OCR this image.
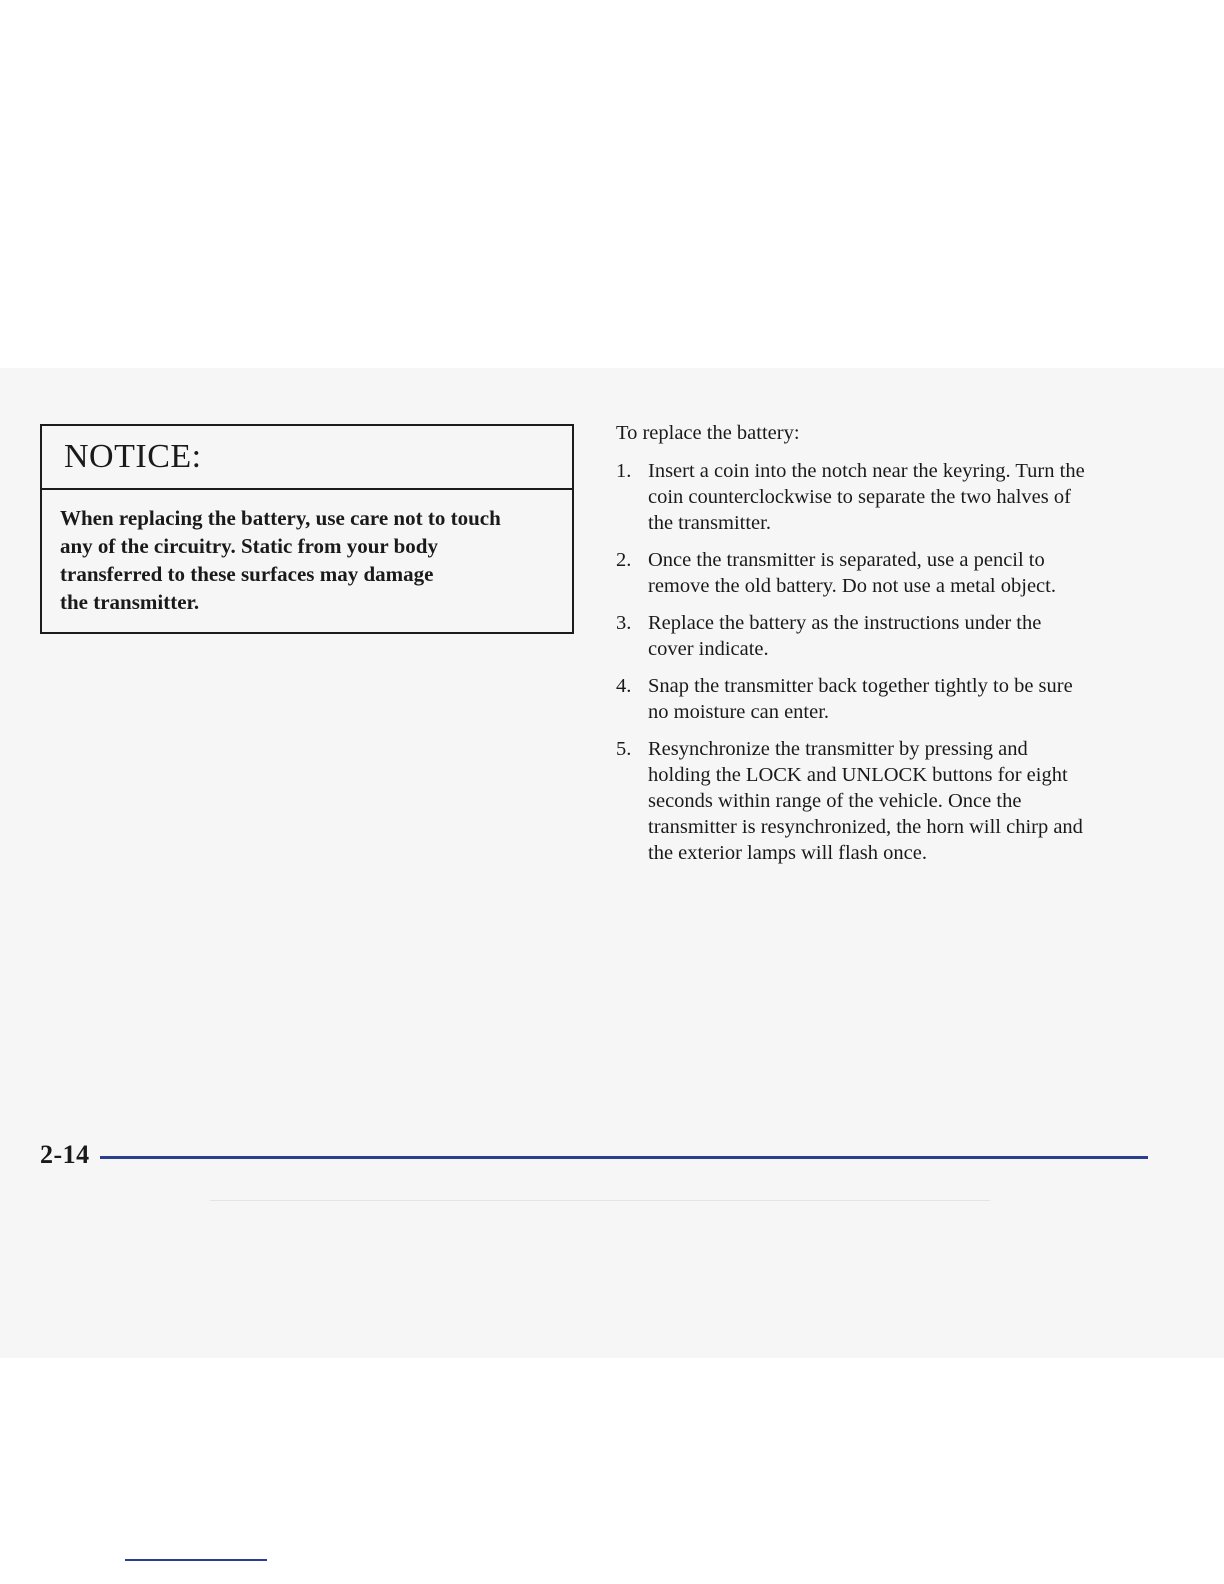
NOTICE:
When replacing the battery, use care not to touch
any of the circuitry. Static from your body
transferred to these surfaces may damage
the transmitter.

To replace the battery:

1. Insert a coin into the notch near the keyring. Turn the
coin counterclockwise to separate the two halves of
the transmitter.
2. Once the transmitter is separated, use a pencil to
remove the old battery. Do not use a metal object.
3. Replace the battery as the instructions under the
cover indicate.
4. Snap the transmitter back together tightly to be sure
no moisture can enter.
5. Resynchronize the transmitter by pressing and
holding the LOCK and UNLOCK buttons for eight
seconds within range of the vehicle. Once the
transmitter is resynchronized, the horn will chirp and
the exterior lamps will flash once.
2-14
